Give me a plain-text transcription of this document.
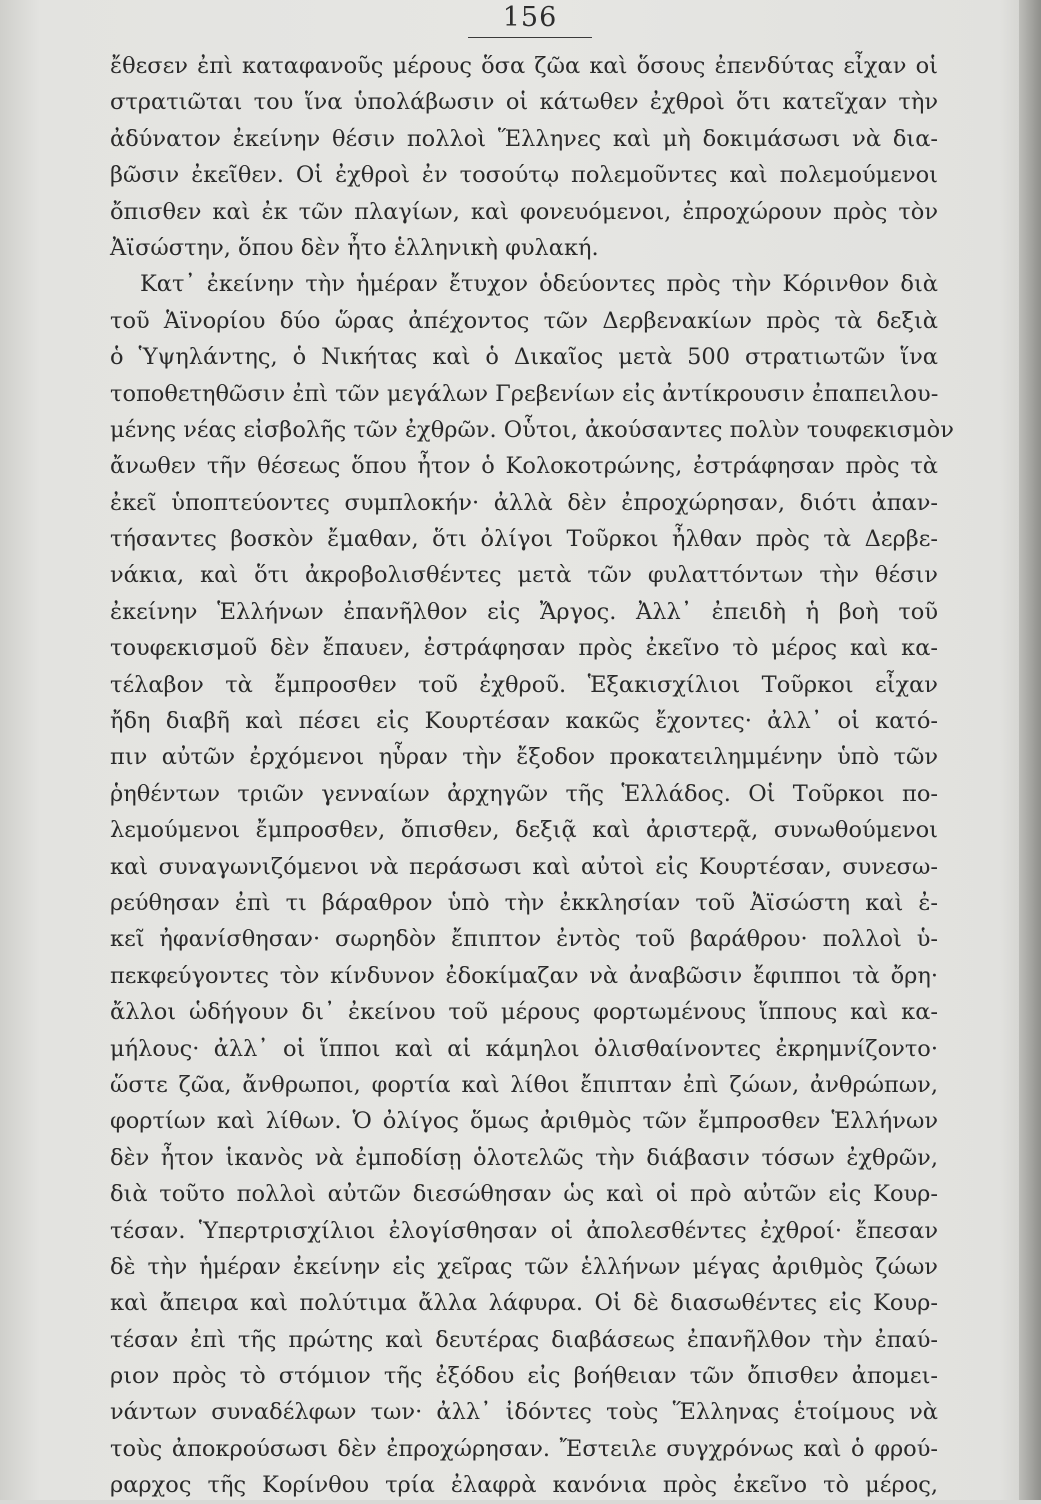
156
ἔθεσεν ἐπὶ καταφανοῦς μέρους ὅσα ζῶα καὶ ὅσους ἐπενδύτας εἶχαν οἱ
στρατιῶται του ἵνα ὑπολάβωσιν οἱ κάτωθεν ἐχθροὶ ὅτι κατεῖχαν τὴν
ἀδύνατον ἐκείνην θέσιν πολλοὶ Ἕλληνες καὶ μὴ δοκιμάσωσι νὰ δια-
βῶσιν ἐκεῖθεν. Οἱ ἐχθροὶ ἐν τοσούτῳ πολεμοῦντες καὶ πολεμούμενοι
ὄπισθεν καὶ ἐκ τῶν πλαγίων, καὶ φονευόμενοι, ἐπροχώρουν πρὸς τὸν
Ἀϊσώστην, ὅπου δὲν ἦτο ἑλληνικὴ φυλακή.
Κατ᾽ ἐκείνην τὴν ἡμέραν ἔτυχον ὁδεύοντες πρὸς τὴν Κόρινθον διὰ
τοῦ Ἁϊνορίου δύο ὥρας ἀπέχοντος τῶν Δερβενακίων πρὸς τὰ δεξιὰ
ὁ Ὑψηλάντης, ὁ Νικήτας καὶ ὁ Δικαῖος μετὰ 500 στρατιωτῶν ἵνα
τοποθετηθῶσιν ἐπὶ τῶν μεγάλων Γρεβενίων εἰς ἀντίκρουσιν ἐπαπειλου-
μένης νέας εἰσβολῆς τῶν ἐχθρῶν. Οὗτοι, ἀκούσαντες πολὺν τουφεκισμὸν
ἄνωθεν τῆν θέσεως ὅπου ἦτον ὁ Κολοκοτρώνης, ἐστράφησαν πρὸς τὰ
ἐκεῖ ὑποπτεύοντες συμπλοκήν· ἀλλὰ δὲν ἐπροχώρησαν, διότι ἀπαν-
τήσαντες βοσκὸν ἔμαθαν, ὅτι ὀλίγοι Τοῦρκοι ἦλθαν πρὸς τὰ Δερβε-
νάκια, καὶ ὅτι ἀκροβολισθέντες μετὰ τῶν φυλαττόντων τὴν θέσιν
ἐκείνην Ἑλλήνων ἐπανῆλθον εἰς Ἄργος. Ἀλλ᾽ ἐπειδὴ ἡ βοὴ τοῦ
τουφεκισμοῦ δὲν ἔπαυεν, ἐστράφησαν πρὸς ἐκεῖνο τὸ μέρος καὶ κα-
τέλαβον τὰ ἔμπροσθεν τοῦ ἐχθροῦ. Ἑξακισχίλιοι Τοῦρκοι εἶχαν
ἤδη διαβῆ καὶ πέσει εἰς Κουρτέσαν κακῶς ἔχοντες· ἀλλ᾽ οἱ κατό-
πιν αὐτῶν ἐρχόμενοι ηὗραν τὴν ἔξοδον προκατειλημμένην ὑπὸ τῶν
ῥηθέντων τριῶν γενναίων ἀρχηγῶν τῆς Ἑλλάδος. Οἱ Τοῦρκοι πο-
λεμούμενοι ἔμπροσθεν, ὄπισθεν, δεξιᾷ καὶ ἀριστερᾷ, συνωθούμενοι
καὶ συναγωνιζόμενοι νὰ περάσωσι καὶ αὐτοὶ εἰς Κουρτέσαν, συνεσω-
ρεύθησαν ἐπὶ τι βάραθρον ὑπὸ τὴν ἐκκλησίαν τοῦ Ἀϊσώστη καὶ ἐ-
κεῖ ἠφανίσθησαν· σωρηδὸν ἔπιπτον ἐντὸς τοῦ βαράθρου· πολλοὶ ὑ-
πεκφεύγοντες τὸν κίνδυνον ἐδοκίμαζαν νὰ ἀναβῶσιν ἔφιπποι τὰ ὄρη·
ἄλλοι ὡδήγουν δι᾽ ἐκείνου τοῦ μέρους φορτωμένους ἵππους καὶ κα-
μήλους· ἀλλ᾽ οἱ ἵπποι καὶ αἱ κάμηλοι ὀλισθαίνοντες ἐκρημνίζοντο·
ὥστε ζῶα, ἄνθρωποι, φορτία καὶ λίθοι ἔπιπταν ἐπὶ ζώων, ἀνθρώπων,
φορτίων καὶ λίθων. Ὁ ὀλίγος ὅμως ἀριθμὸς τῶν ἔμπροσθεν Ἑλλήνων
δὲν ἦτον ἱκανὸς νὰ ἐμποδίσῃ ὁλοτελῶς τὴν διάβασιν τόσων ἐχθρῶν,
διὰ τοῦτο πολλοὶ αὐτῶν διεσώθησαν ὡς καὶ οἱ πρὸ αὐτῶν εἰς Κουρ-
τέσαν. Ὑπερτρισχίλιοι ἐλογίσθησαν οἱ ἀπολεσθέντες ἐχθροί· ἔπεσαν
δὲ τὴν ἡμέραν ἐκείνην εἰς χεῖρας τῶν ἑλλήνων μέγας ἀριθμὸς ζώων
καὶ ἄπειρα καὶ πολύτιμα ἄλλα λάφυρα. Οἱ δὲ διασωθέντες εἰς Κουρ-
τέσαν ἐπὶ τῆς πρώτης καὶ δευτέρας διαβάσεως ἐπανῆλθον τὴν ἐπαύ-
ριον πρὸς τὸ στόμιον τῆς ἐξόδου εἰς βοήθειαν τῶν ὄπισθεν ἀπομει-
νάντων συναδέλφων των· ἀλλ᾽ ἰδόντες τοὺς Ἕλληνας ἑτοίμους νὰ
τοὺς ἀποκρούσωσι δὲν ἐπροχώρησαν. Ἔστειλε συγχρόνως καὶ ὁ φρού-
ραρχος τῆς Κορίνθου τρία ἐλαφρὰ κανόνια πρὸς ἐκεῖνο τὸ μέρος,
